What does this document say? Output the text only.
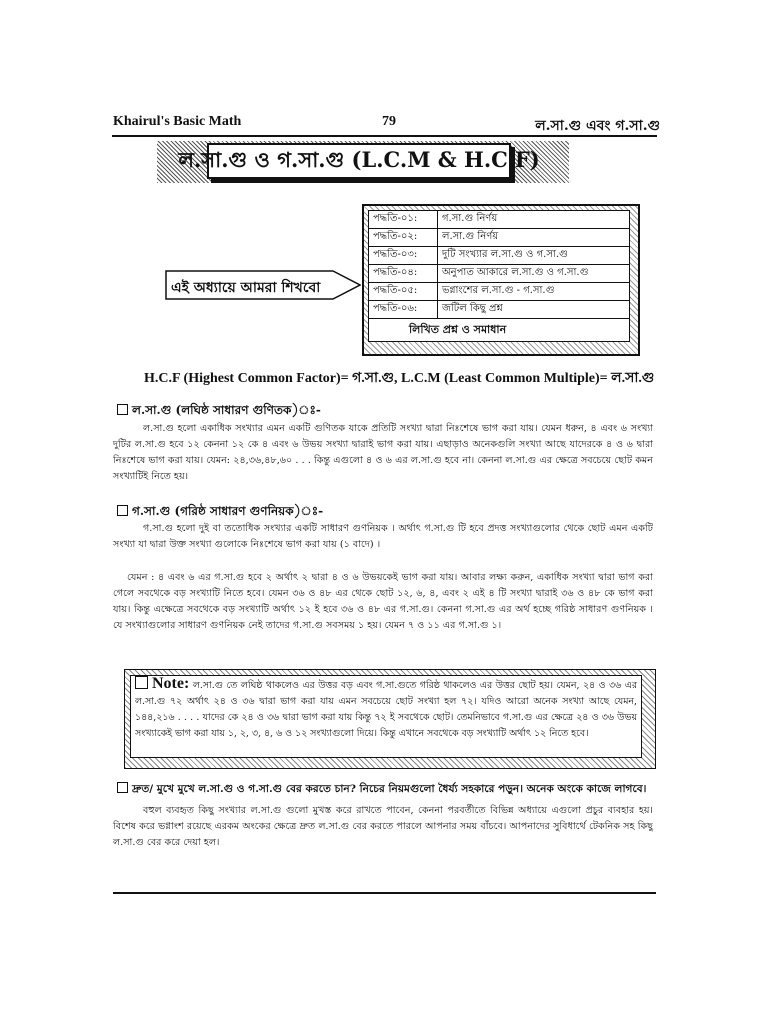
Khairul's Basic Math	79	ল.সা.গু এবং গ.সা.গু
ল.সা.গু ও গ.সা.গু (L.C.M & H.C.F)
এই অধ্যায়ে আমরা শিখবো
পদ্ধতি-০১:	গ.সা.গু নির্ণয়
পদ্ধতি-০২:	ল.সা.গু নির্ণয়
পদ্ধতি-০৩:	দুটি সংখ্যার ল.সা.গু ও গ.সা.গু
পদ্ধতি-০৪:	অনুপাত আকারে ল.সা.গু ও গ.সা.গু
পদ্ধতি-০৫:	ভগ্নাংশের ল.সা.গু - গ.সা.গু
পদ্ধতি-০৬:	জটিল কিছু প্রশ্ন
লিখিত প্রশ্ন ও সমাধান	
H.C.F (Highest Common Factor)= গ.সা.গু, L.C.M (Least Common Multiple)= ল.সা.গু
ল.সা.গু (লঘিষ্ঠ সাধারণ গুণিতক)ঃ-
ল.সা.গু হলো একাধিক সংখ্যার এমন একটি গুণিতক যাকে প্রতিটি সংখ্যা দ্বারা নিঃশেষে ভাগ করা যায়। যেমন ধরুন, ৪ এবং ৬ সংখ্যা দুটির ল.সা.গু হবে ১২ কেননা ১২ কে ৪ এবং ৬ উভয় সংখ্যা দ্বারাই ভাগ করা যায়। এছাড়াও অনেকগুলি সংখ্যা আছে যাদেরকে ৪ ও ৬ দ্বারা নিঃশেষে ভাগ করা যায়। যেমন: ২৪,৩৬,৪৮,৬০ . . . কিন্তু এগুলো ৪ ও ৬ এর ল.সা.গু হবে না। কেননা ল.সা.গু এর ক্ষেত্রে সবচেয়ে ছোট কমন সংখ্যাটিই নিতে হয়।
গ.সা.গু (গরিষ্ঠ সাধারণ গুণনিয়ক)ঃ-
গ.সা.গু হলো দুই বা ততোধিক সংখ্যার একটি সাধারণ গুণনিয়ক । অর্থাৎ গ.সা.গু টি হবে প্রদত্ত সংখ্যাগুলোর থেকে ছোট এমন একটি সংখ্যা যা দ্বারা উক্ত সংখ্যা গুলোকে নিঃশেষে ভাগ করা যায় (১ বাদে) ।
যেমন : ৪ এবং ৬ এর গ.সা.গু হবে ২ অর্থাৎ ২ দ্বারা ৪ ও ৬ উভয়কেই ভাগ করা যায়। আবার লক্ষ্য করুন, একাধিক সংখ্যা দ্বারা ভাগ করা গেলে সবথেকে বড় সংখ্যাটি নিতে হবে। যেমন ৩৬ ও ৪৮ এর থেকে ছোট ১২, ৬, ৪, এবং ২ এই ৪ টি সংখ্যা দ্বারাই ৩৬ ও ৪৮ কে ভাগ করা যায়। কিন্তু এক্ষেত্রে সবথেকে বড় সংখ্যাটি অর্থাৎ ১২ ই হবে ৩৬ ও ৪৮ এর গ.সা.গু। কেননা গ.সা.গু এর অর্থ হচ্ছে গরিষ্ঠ সাধারণ গুণনিয়ক । যে সংখ্যাগুলোর সাধারণ গুণনিয়ক নেই তাদের গ.সা.গু সবসময় ১ হয়। যেমন ৭ ও ১১ এর গ.সা.গু ১।
Note: ল.সা.গু তে লঘিষ্ঠ থাকলেও এর উত্তর বড় এবং গ.সা.গুতে গরিষ্ঠ থাকলেও এর উত্তর ছোট হয়। যেমন, ২৪ ও ৩৬ এর ল.সা.গু ৭২ অর্থাৎ ২৪ ও ৩৬ দ্বারা ভাগ করা যায় এমন সবচেয়ে ছোট সংখ্যা হল ৭২। যদিও আরো অনেক সংখ্যা আছে যেমন, ১৪৪,২১৬ . . . . যাদের কে ২৪ ও ৩৬ দ্বারা ভাগ করা যায় কিন্তু ৭২ ই সবথেকে ছোট। তেমনিভাবে গ.সা.গু এর ক্ষেত্রে ২৪ ও ৩৬ উভয় সংখ্যাকেই ভাগ করা যায় ১, ২, ৩, ৪, ৬ ও ১২ সংখ্যাগুলো দিয়ে। কিন্তু এখানে সবথেকে বড় সংখ্যাটি অর্থাৎ ১২ নিতে হবে।
দ্রুত/ মুখে মুখে ল.সা.গু ও গ.সা.গু বের করতে চান? নিচের নিয়মগুলো ধৈর্য্য সহকারে পড়ুন। অনেক অংকে কাজে লাগবে।
বহুল ব্যবহৃত কিছু সংখ্যার ল.সা.গু গুলো মুখস্ত করে রাখতে পাবেন, কেননা পরবর্তীতে বিভিন্ন অধ্যায়ে এগুলো প্রচুর ব্যবহার হয়। বিশেষ করে ভগ্নাংশ রয়েছে এরকম অংকের ক্ষেত্রে দ্রুত ল.সা.গু বের করতে পারলে আপনার সময় বাঁচবে। আপনাদের সুবিধার্থে টেকনিক সহ কিছু ল.সা.গু বের করে দেয়া হল।
